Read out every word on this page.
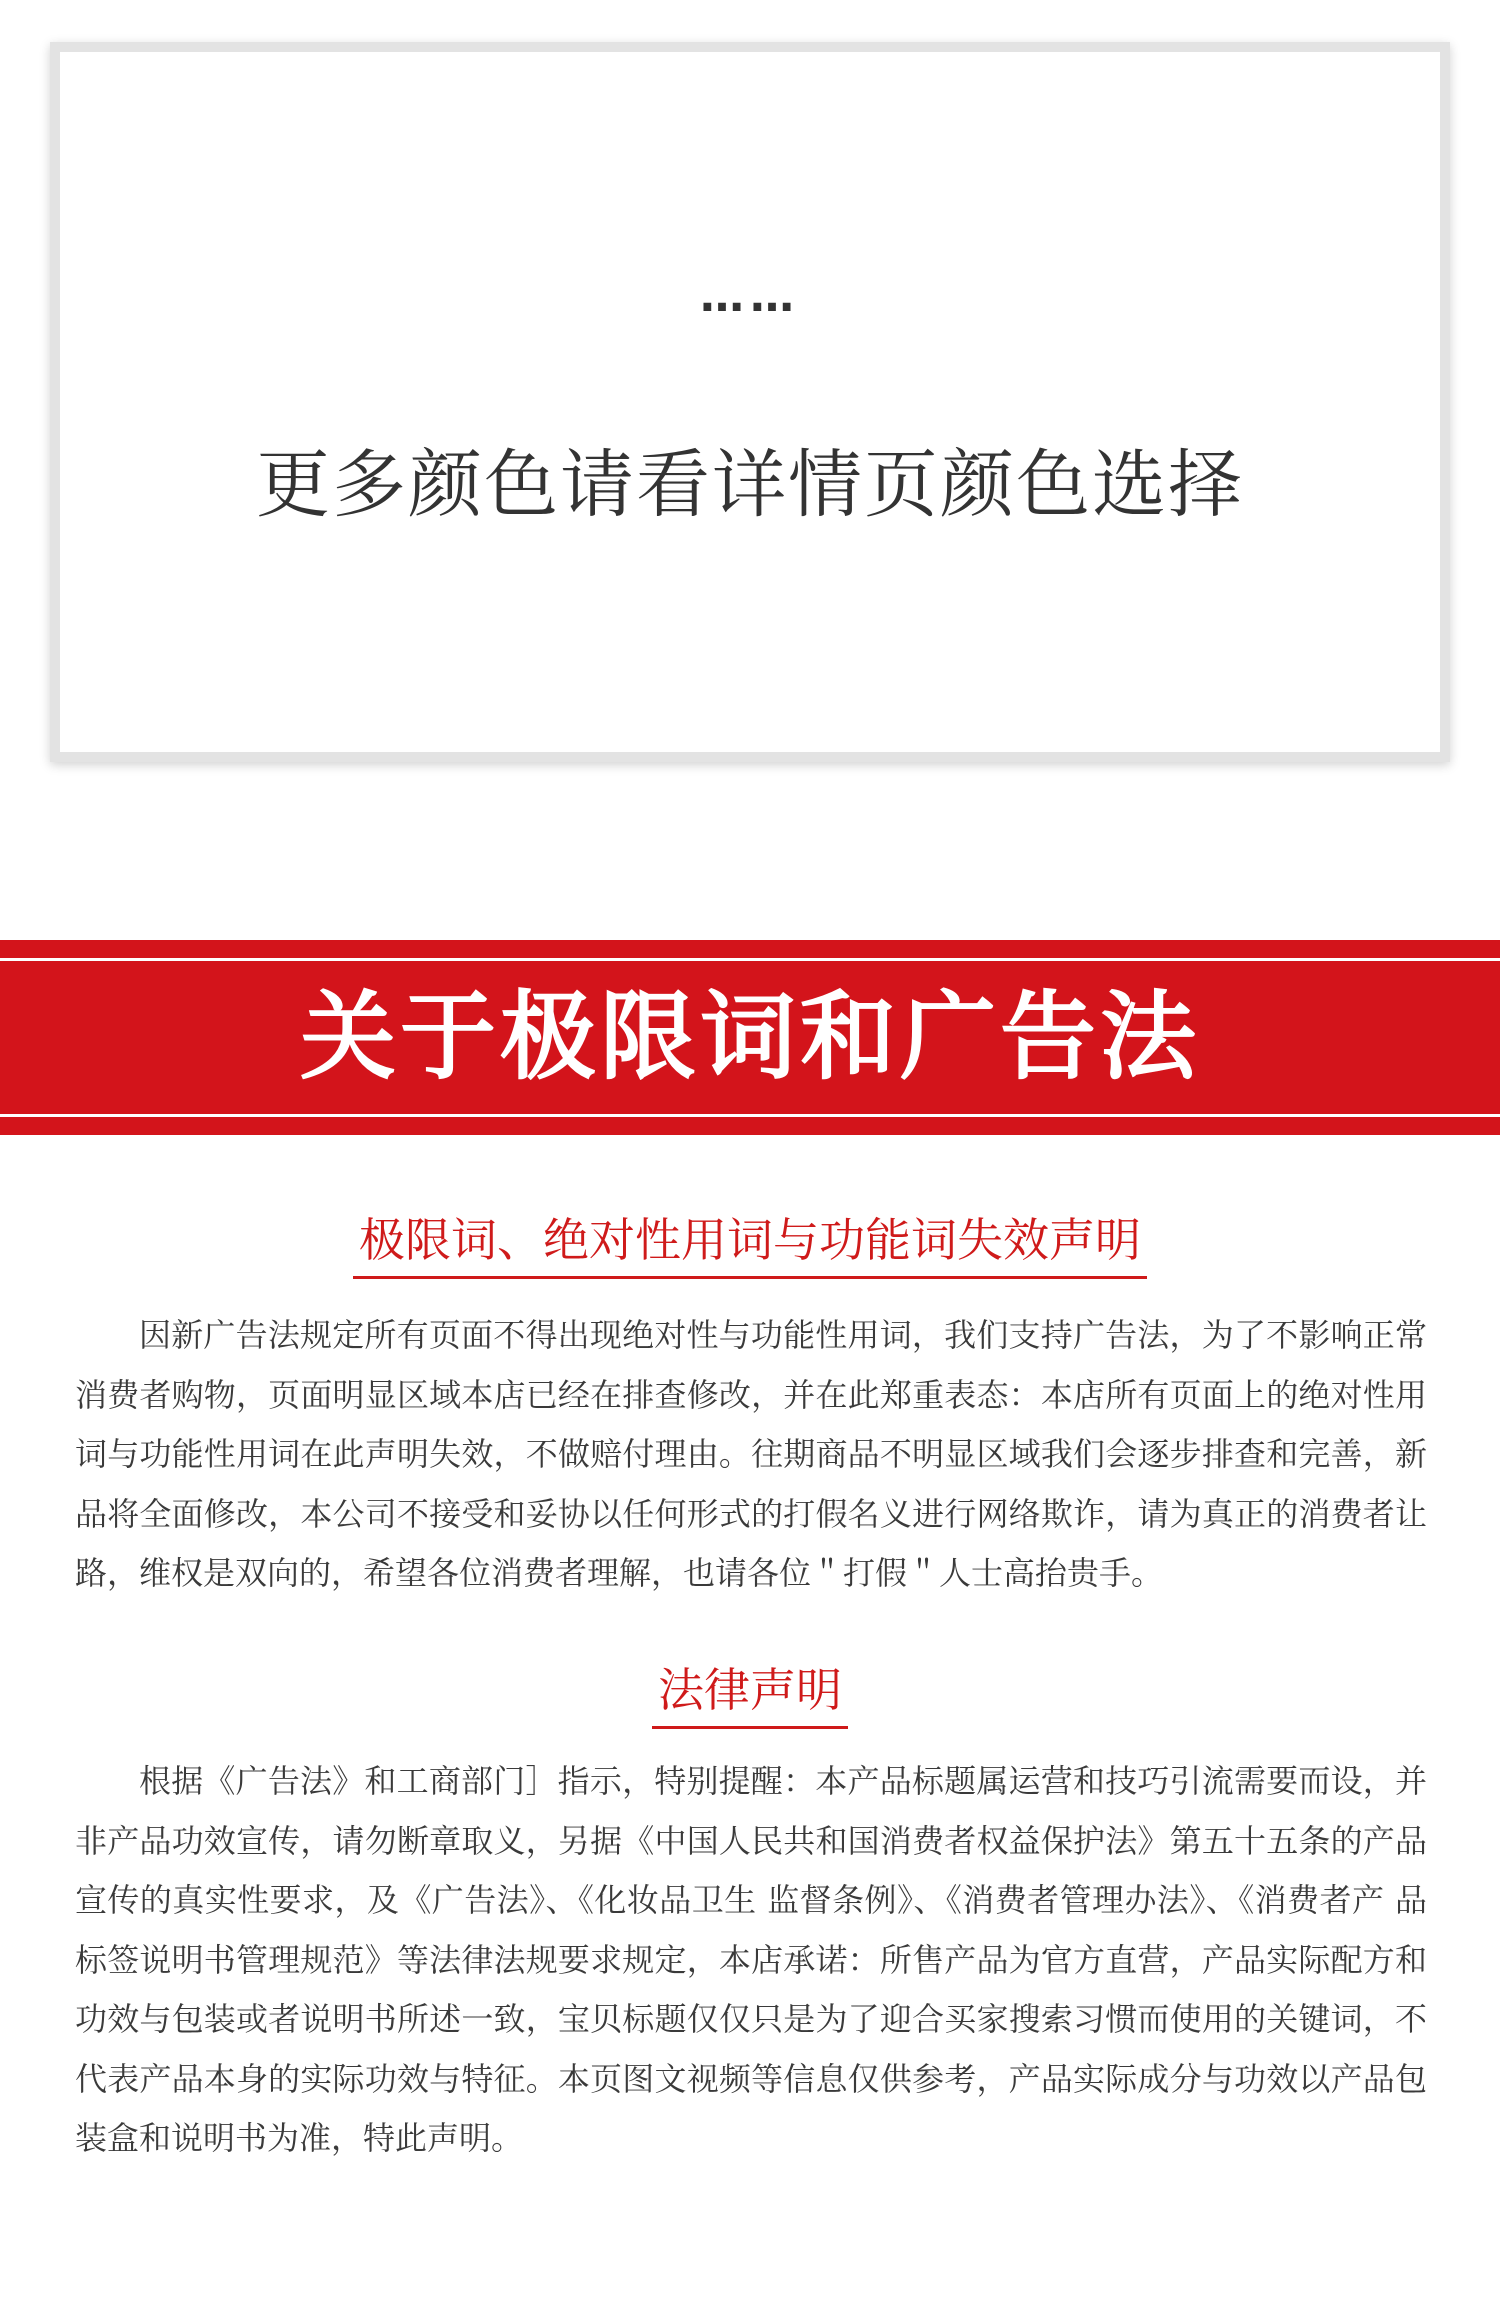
……
更多颜色请看详情页颜色选择
关于极限词和广告法
极限词、绝对性用词与功能词失效声明

因新广告法规定所有页面不得出现绝对性与功能性用词，我们支持广告法，为了不影响正常消费者购物，页面明显区域本店已经在排查修改，并在此郑重表态：本店所有页面上的绝对性用词与功能性用词在此声明失效，不做赔付理由。往期商品不明显区域我们会逐步排查和完善，新品将全面修改，本公司不接受和妥协以任何形式的打假名义进行网络欺诈，请为真正的消费者让路，维权是双向的，希望各位消费者理解，也请各位＂打假＂人士高抬贵手。

法律声明

根据《广告法》和工商部门］指示，特别提醒：本产品标题属运营和技巧引流需要而设，并非产品功效宣传，请勿断章取义，另据《中国人民共和国消费者权益保护法》第五十五条的产品宣传的真实性要求，及《广告法》、《化妆品卫生 监督条例》、《消费者管理办法》、《消费者产 品标签说明书管理规范》等法律法规要求规定，本店承诺：所售产品为官方直营，产品实际配方和功效与包装或者说明书所述一致，宝贝标题仅仅只是为了迎合买家搜索习惯而使用的关键词，不代表产品本身的实际功效与特征。本页图文视频等信息仅供参考，产品实际成分与功效以产品包装盒和说明书为准，特此声明。
